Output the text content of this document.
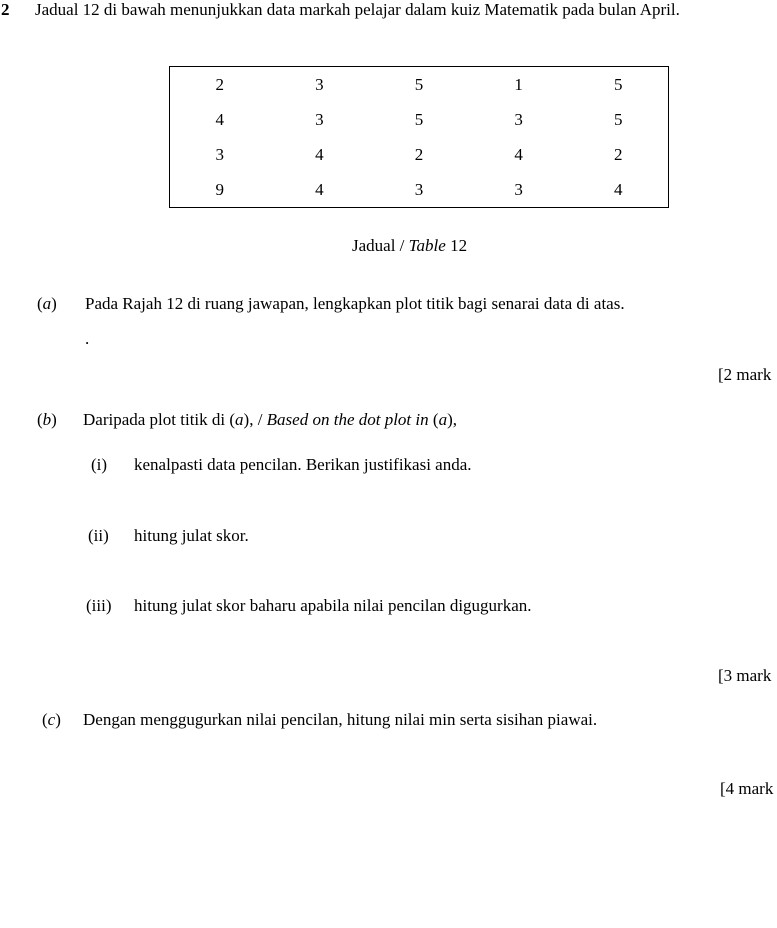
2 Jadual 12 di bawah menunjukkan data markah pelajar dalam kuiz Matematik pada bulan April.
2	3	5	1	5
4	3	5	3	5
3	4	2	4	2
9	4	3	3	4
Jadual / Table 12
(a) Pada Rajah 12 di ruang jawapan, lengkapkan plot titik bagi senarai data di atas.
.
[2 mark
(b) Daripada plot titik di (a), / Based on the dot plot in (a),
(i) kenalpasti data pencilan. Berikan justifikasi anda.
(ii) hitung julat skor.
(iii) hitung julat skor baharu apabila nilai pencilan digugurkan.
[3 mark
(c) Dengan menggugurkan nilai pencilan, hitung nilai min serta sisihan piawai.
[4 mark
